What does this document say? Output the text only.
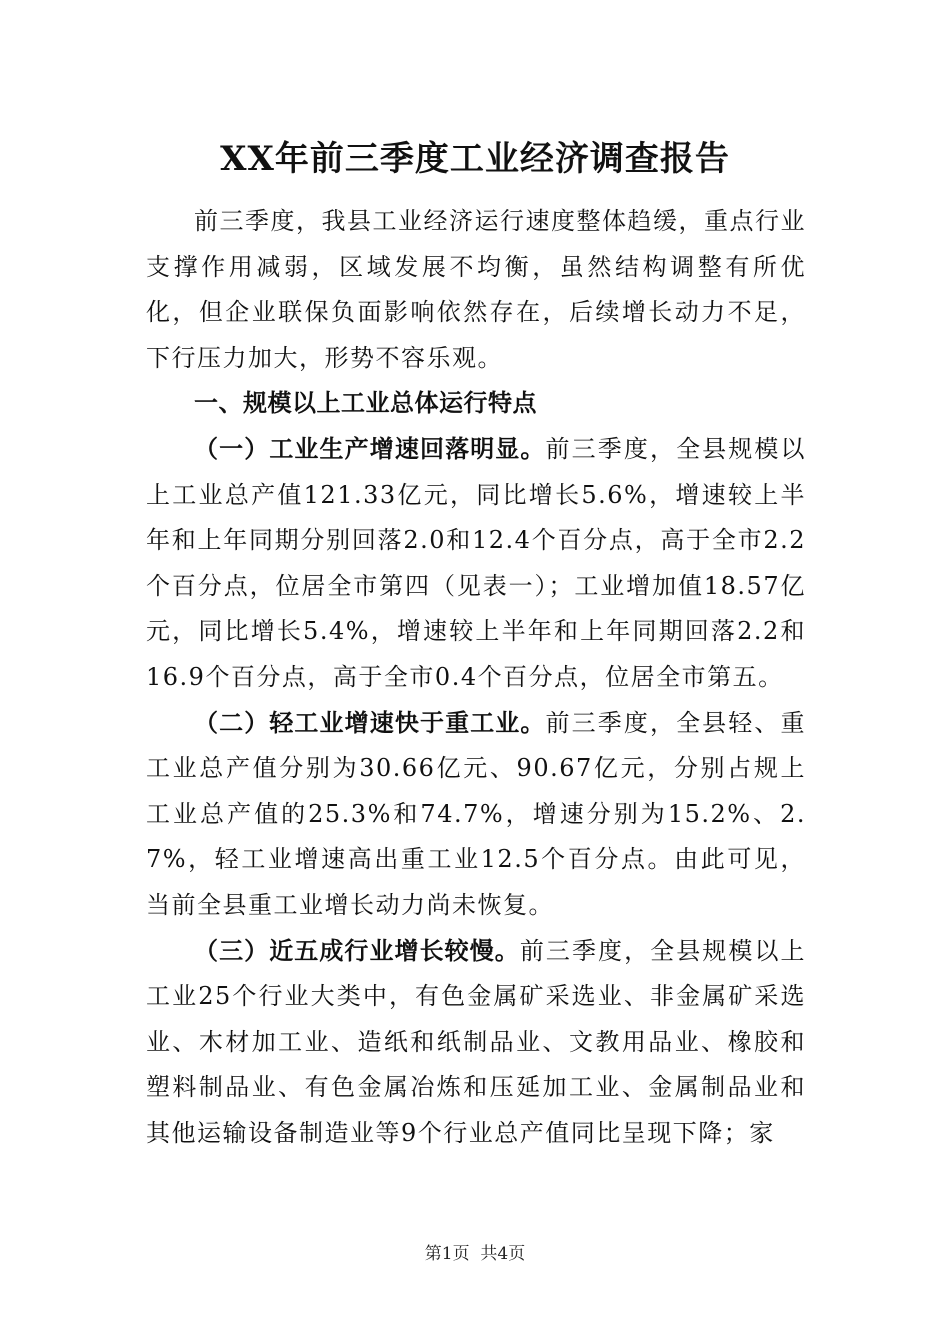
XX年前三季度工业经济调查报告

前三季度，我县工业经济运行速度整体趋缓，重点行业支撑作用减弱，区域发展不均衡，虽然结构调整有所优化，但企业联保负面影响依然存在，后续增长动力不足，下行压力加大，形势不容乐观。

一、规模以上工业总体运行特点

（一）工业生产增速回落明显。前三季度，全县规模以上工业总产值121.33亿元，同比增长5.6%，增速较上半年和上年同期分别回落2.0和12.4个百分点，高于全市2.2个百分点，位居全市第四（见表一）；工业增加值18.57亿元，同比增长5.4%，增速较上半年和上年同期回落2.2和16.9个百分点，高于全市0.4个百分点，位居全市第五。

（二）轻工业增速快于重工业。前三季度，全县轻、重工业总产值分别为30.66亿元、90.67亿元，分别占规上工业总产值的25.3%和74.7%，增速分别为15.2%、2.7%，轻工业增速高出重工业12.5个百分点。由此可见，当前全县重工业增长动力尚未恢复。

（三）近五成行业增长较慢。前三季度，全县规模以上工业25个行业大类中，有色金属矿采选业、非金属矿采选业、木材加工业、造纸和纸制品业、文教用品业、橡胶和塑料制品业、有色金属冶炼和压延加工业、金属制品业和其他运输设备制造业等9个行业总产值同比呈现下降；家

第1页 共4页
